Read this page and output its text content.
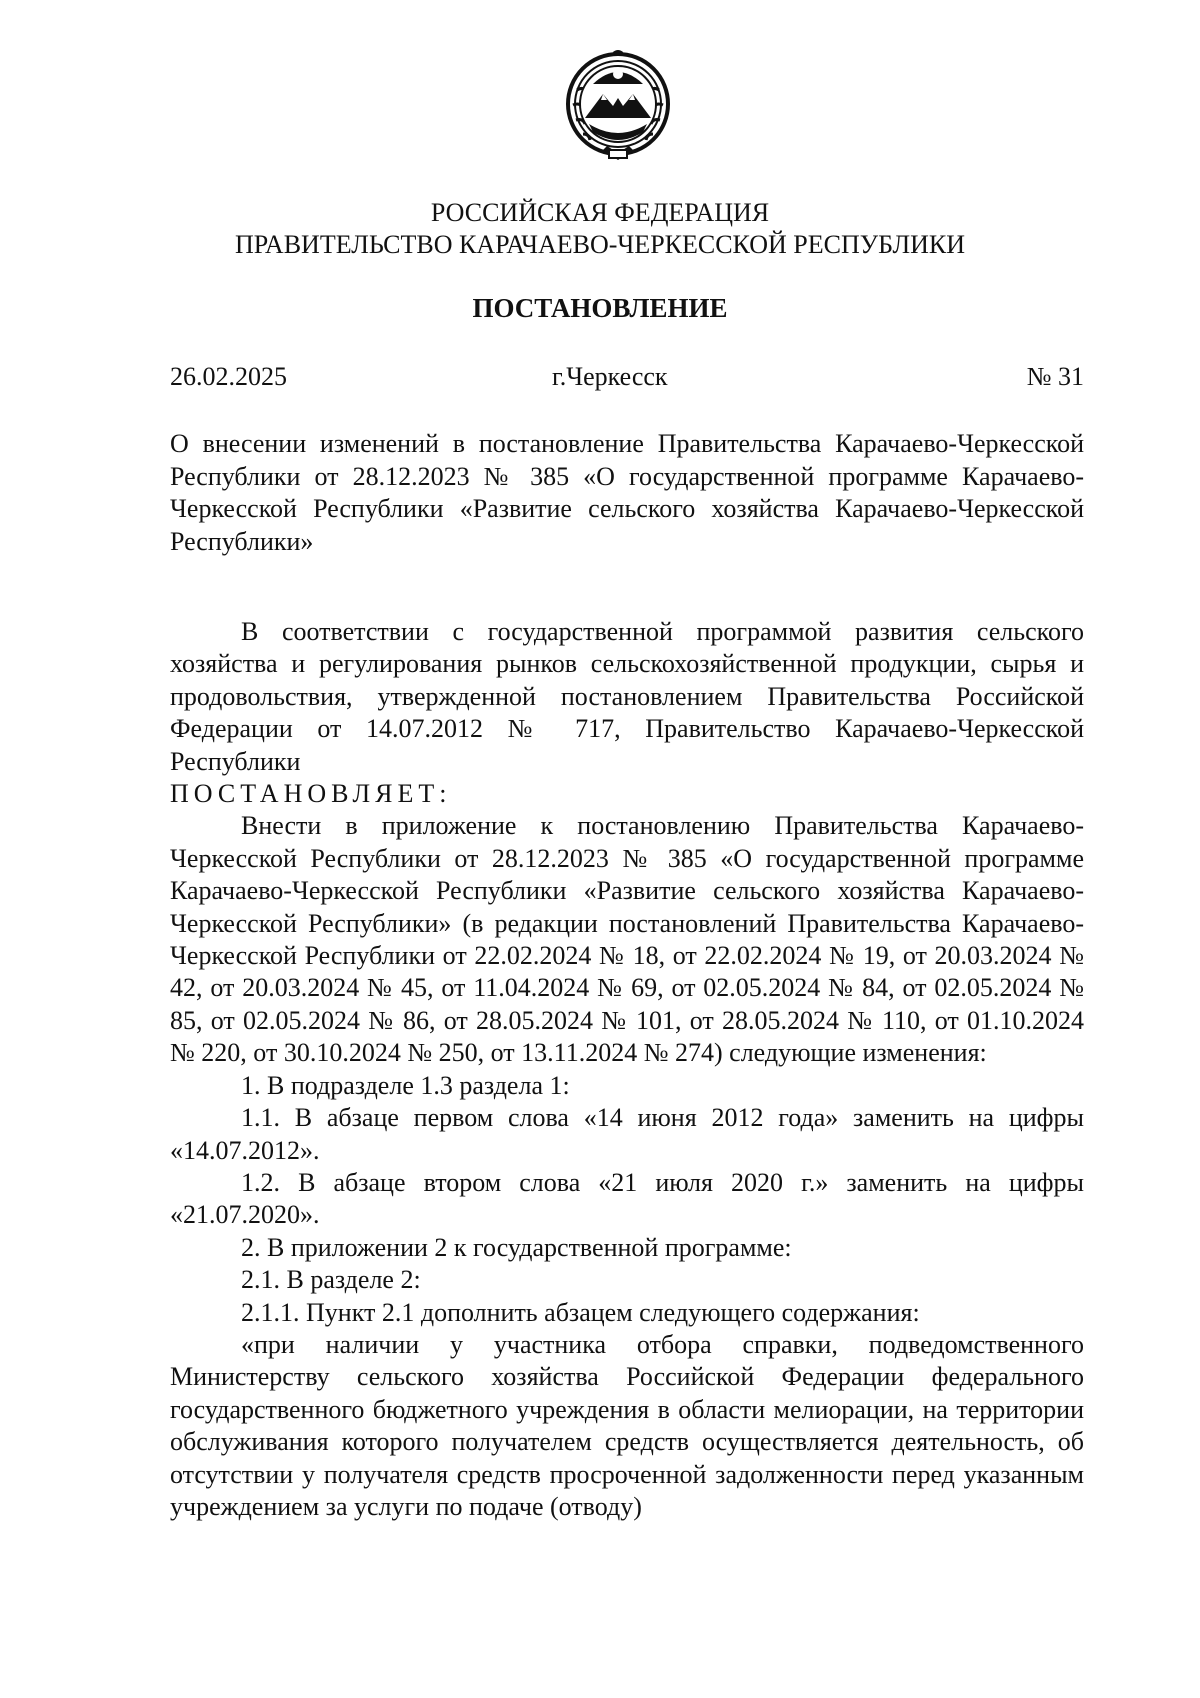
РОССИЙСКАЯ ФЕДЕРАЦИЯ
ПРАВИТЕЛЬСТВО КАРАЧАЕВО-ЧЕРКЕССКОЙ РЕСПУБЛИКИ
ПОСТАНОВЛЕНИЕ
26.02.2025	г.Черкесск	№ 31

О внесении изменений в постановление Правительства Карачаево-Черкесской Республики от 28.12.2023 № 385 «О государственной программе Карачаево-Черкесской Республики «Развитие сельского хозяйства Карачаево-Черкесской Республики»

В соответствии с государственной программой развития сельского хозяйства и регулирования рынков сельскохозяйственной продукции, сырья и продовольствия, утвержденной постановлением Правительства Российской Федерации от 14.07.2012 № 717, Правительство Карачаево-Черкесской Республики

ПОСТАНОВЛЯЕТ:

Внести в приложение к постановлению Правительства Карачаево-Черкесской Республики от 28.12.2023 № 385 «О государственной программе Карачаево-Черкесской Республики «Развитие сельского хозяйства Карачаево-Черкесской Республики» (в редакции постановлений Правительства Карачаево-Черкесской Республики от 22.02.2024 № 18, от 22.02.2024 № 19, от 20.03.2024 № 42, от 20.03.2024 № 45, от 11.04.2024 № 69, от 02.05.2024 № 84, от 02.05.2024 № 85, от 02.05.2024 № 86, от 28.05.2024 № 101, от 28.05.2024 № 110, от 01.10.2024 № 220, от 30.10.2024 № 250, от 13.11.2024 № 274) следующие изменения:

1. В подразделе 1.3 раздела 1:

1.1. В абзаце первом слова «14 июня 2012 года» заменить на цифры «14.07.2012».

1.2. В абзаце втором слова «21 июля 2020 г.» заменить на цифры «21.07.2020».

2. В приложении 2 к государственной программе:

2.1. В разделе 2:

2.1.1. Пункт 2.1 дополнить абзацем следующего содержания:

«при наличии у участника отбора справки, подведомственного Министерству сельского хозяйства Российской Федерации федерального государственного бюджетного учреждения в области мелиорации, на территории обслуживания которого получателем средств осуществляется деятельность, об отсутствии у получателя средств просроченной задолженности перед указанным учреждением за услуги по подаче (отводу)
